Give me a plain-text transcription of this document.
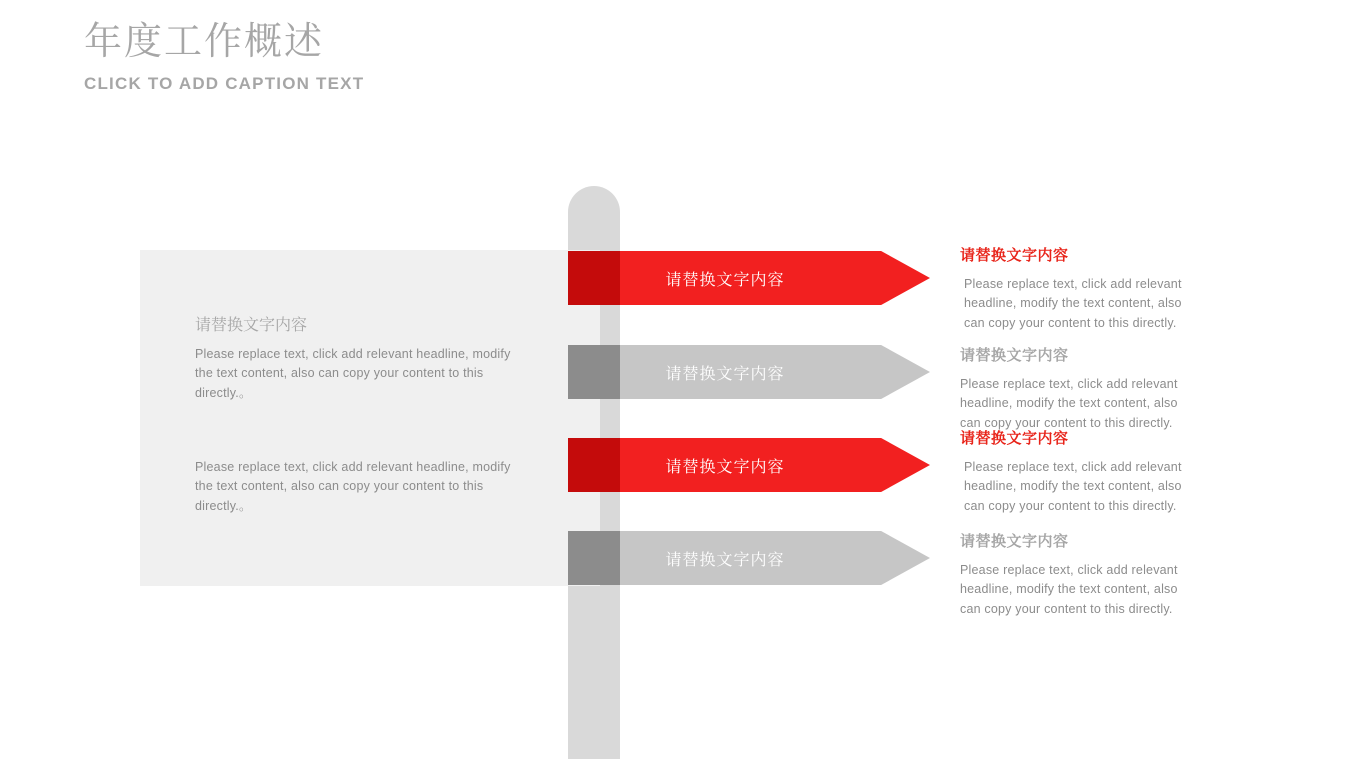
年度工作概述
CLICK TO ADD CAPTION TEXT
请替换文字内容
Please replace text, click add relevant headline, modify the text content, also can copy your content to this directly.。
Please replace text, click add relevant headline, modify the text content, also can copy your content to this directly.。
请替换文字内容
请替换文字内容
请替换文字内容
请替换文字内容
请替换文字内容
Please replace text, click add relevant headline, modify the text content, also can copy your content to this directly.
请替换文字内容
Please replace text, click add relevant headline, modify the text content, also can copy your content to this directly.
请替换文字内容
Please replace text, click add relevant headline, modify the text content, also can copy your content to this directly.
请替换文字内容
Please replace text, click add relevant headline, modify the text content, also can copy your content to this directly.
